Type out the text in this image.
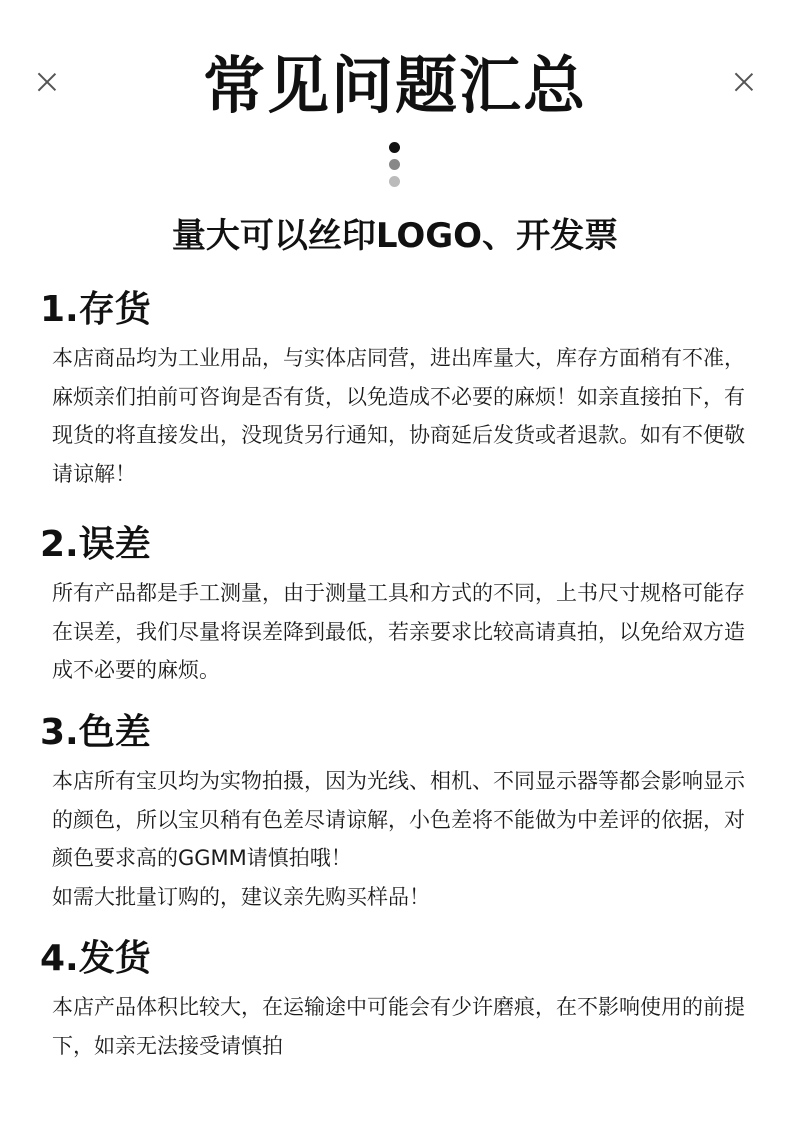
常见问题汇总
量大可以丝印LOGO、开发票
1.存货

本店商品均为工业用品，与实体店同营，进出库量大，库存方面稍有不准，麻烦亲们拍前可咨询是否有货，以免造成不必要的麻烦！如亲直接拍下，有现货的将直接发出，没现货另行通知，协商延后发货或者退款。如有不便敬请谅解！

2.误差

所有产品都是手工测量，由于测量工具和方式的不同，上书尺寸规格可能存在误差，我们尽量将误差降到最低，若亲要求比较高请真拍，以免给双方造成不必要的麻烦。

3.色差

本店所有宝贝均为实物拍摄，因为光线、相机、不同显示器等都会影响显示的颜色，所以宝贝稍有色差尽请谅解，小色差将不能做为中差评的依据，对颜色要求高的GGMM请慎拍哦！

如需大批量订购的，建议亲先购买样品！

4.发货

本店产品体积比较大，在运输途中可能会有少许磨痕，在不影响使用的前提下，如亲无法接受请慎拍
